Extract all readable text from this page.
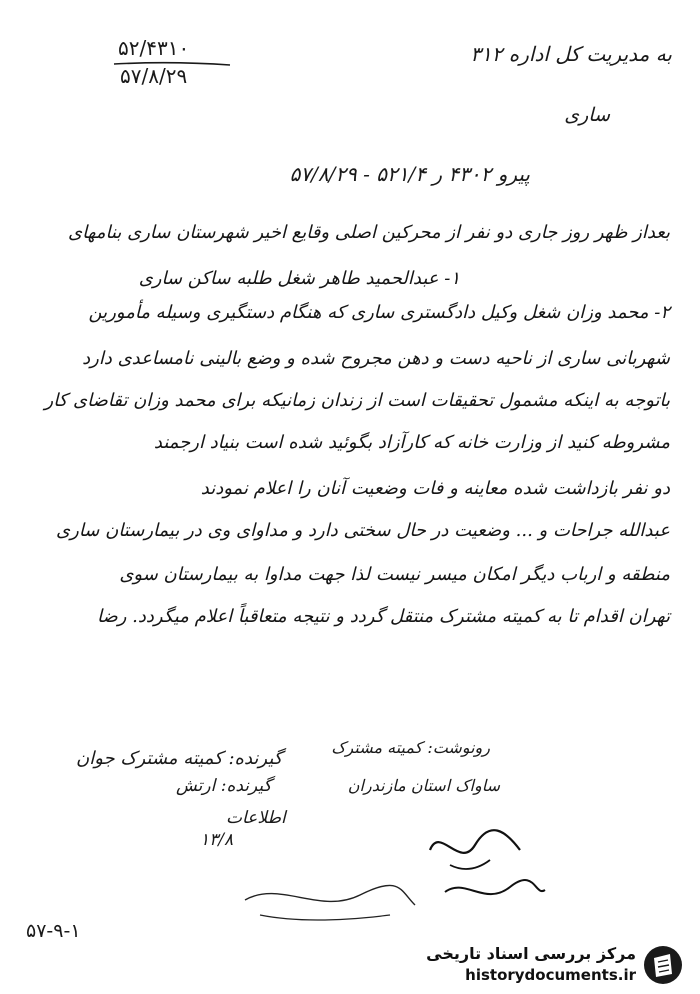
۵۲/۴۳۱۰
۵۷/۸/۲۹
به مدیریت کل اداره ۳۱۲
ساری
پیرو ۴۳۰۲ ر ۵۲۱/۴ - ۵۷/۸/۲۹
بعداز ظهر روز جاری دو نفر از محرکین اصلی وقایع اخیر شهرستان ساری بنامهای
۱- عبدالحمید طاهر شغل طلبه ساکن ساری
۲- محمد وزان شغل وکیل دادگستری ساری که هنگام دستگیری وسیله مأمورین
شهربانی ساری از ناحیه دست و دهن مجروح شده و وضع بالینی نامساعدی دارد
باتوجه به اینکه مشمول تحقیقات است از زندان زمانیکه برای محمد وزان تقاضای کار
مشروطه کنید از وزارت خانه که کارآزاد بگوئید شده است بنیاد ارجمند
دو نفر بازداشت شده معاینه و فات وضعیت آنان را اعلام نمودند
عبدالله جراحات و ... وضعیت در حال سختی دارد و مداوای وی در بیمارستان ساری
منطقه و ارباب دیگر امکان میسر نیست لذا جهت مداوا به بیمارستان سوی
تهران اقدام تا به کمیته مشترک منتقل گردد و نتیجه متعاقباً اعلام میگردد. رضا
رونوشت: کمیته مشترک
ساواک استان مازندران
گیرنده: کمیته مشترک جوان
گیرنده: ارتش
اطلاعات
۱۳/۸
۵۷-۹-۱
مرکز بررسی اسناد تاریخی
historydocuments.ir
